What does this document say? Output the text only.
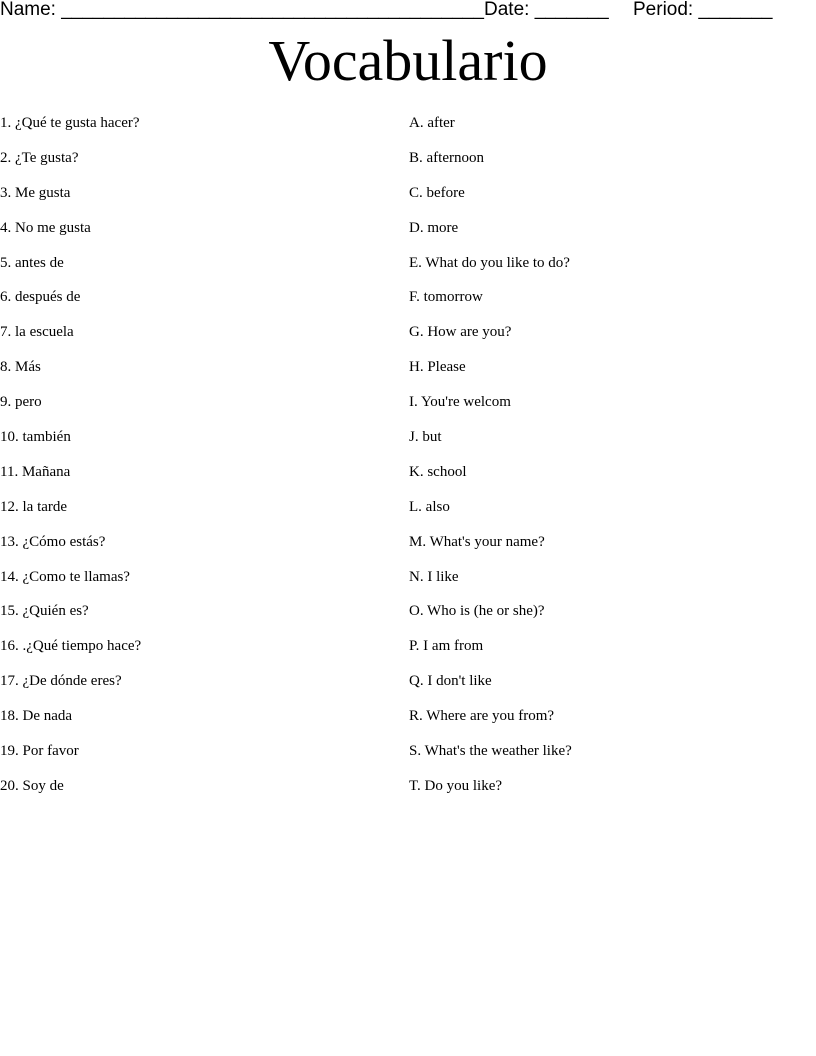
Name: ________________________________________ Date: _______ Period: _______
Vocabulario
1. ¿Qué te gusta hacer?
2. ¿Te gusta?
3. Me gusta
4. No me gusta
5. antes de
6. después de
7. la escuela
8. Más
9. pero
10. también
11. Mañana
12. la tarde
13. ¿Cómo estás?
14. ¿Como te llamas?
15. ¿Quién es?
16. .¿Qué tiempo hace?
17. ¿De dónde eres?
18. De nada
19. Por favor
20. Soy de
A. after
B. afternoon
C. before
D. more
E. What do you like to do?
F. tomorrow
G. How are you?
H. Please
I. You're welcom
J. but
K. school
L. also
M. What's your name?
N. I like
O. Who is (he or she)?
P. I am from
Q. I don't like
R. Where are you from?
S. What's the weather like?
T. Do you like?
